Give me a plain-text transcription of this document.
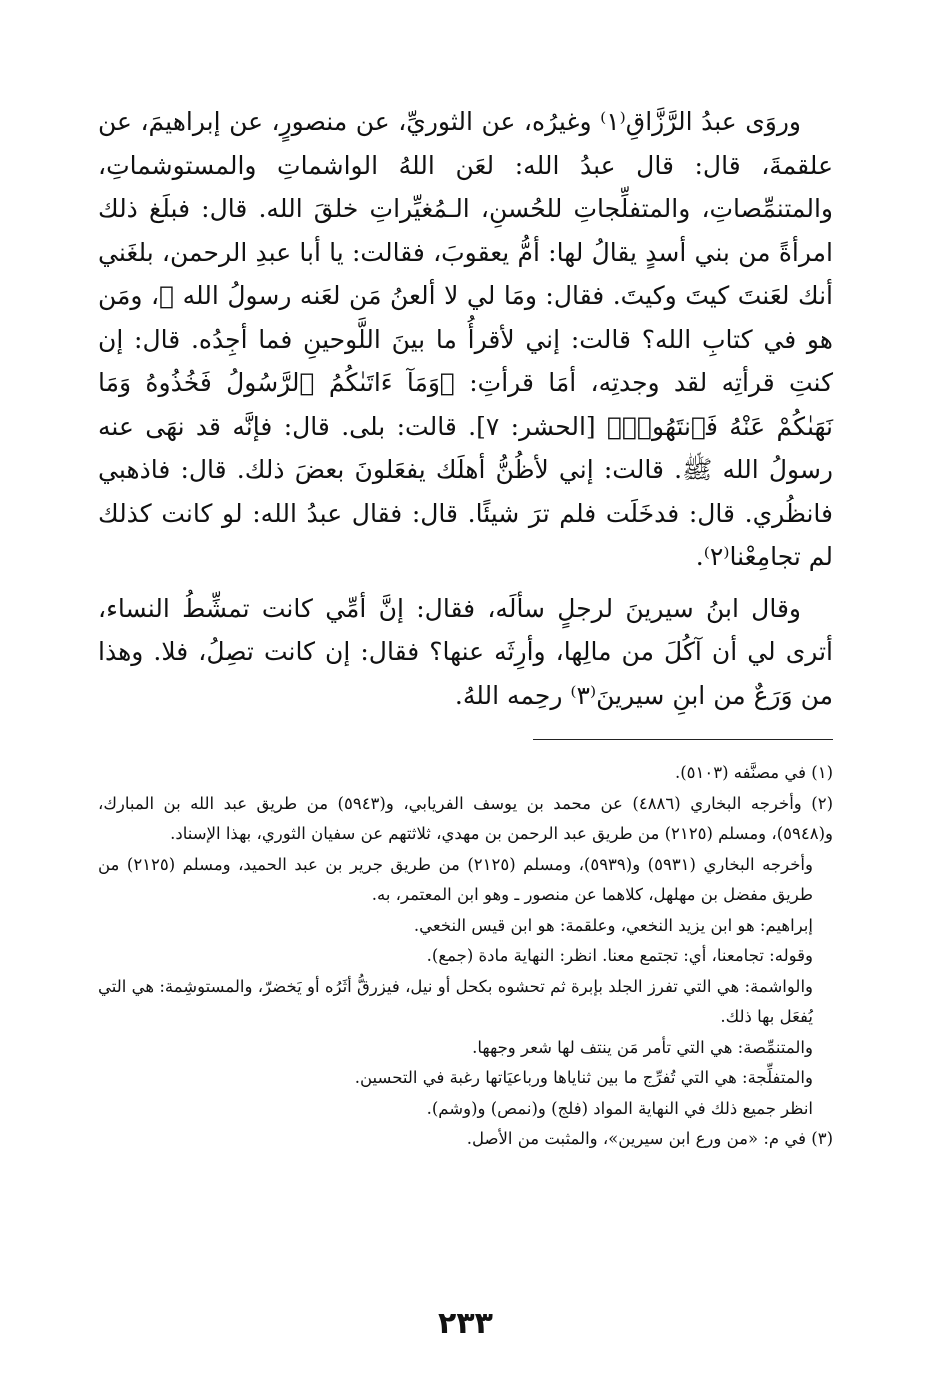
وروَى عبدُ الرَّزَّاقِ⁽١⁾ وغيرُه، عن الثوريِّ، عن منصورٍ، عن إبراهيمَ، عن علقمةَ، قال: قال عبدُ الله: لعَن اللهُ الواشماتِ والمستوشماتِ، والمتنمِّصاتِ، والمتفلِّجاتِ للحُسنِ، الـمُغيِّراتِ خلقَ الله. قال: فبلَغ ذلك امرأةً من بني أسدٍ يقالُ لها: أمُّ يعقوبَ، فقالت: يا أبا عبدِ الرحمن، بلغَني أنك لعَنتَ كيتَ وكيتَ. فقال: ومَا لي لا ألعنُ مَن لعَنه رسولُ الله ﷺ، ومَن هو في كتابِ الله؟ قالت: إني لأقرأُ ما بينَ اللَّوحينِ فما أجِدُه. قال: إن كنتِ قرأتِه لقد وجدتِه، أمَا قرأتِ: ﴿وَمَآ ءَاتَىٰكُمُ ٱلرَّسُولُ فَخُذُوهُ وَمَا نَهَىٰكُمْ عَنْهُ فَٱنتَهُوا۟﴾ [الحشر: ٧]. قالت: بلى. قال: فإنَّه قد نهَى عنه رسولُ الله ﷺ. قالت: إني لأظُنُّ أهلَك يفعَلونَ بعضَ ذلك. قال: فاذهبي فانظُري. قال: فدخَلَت فلم ترَ شيئًا. قال: فقال عبدُ الله: لو كانت كذلك لم تجامِعْنا⁽٢⁾.

وقال ابنُ سيرينَ لرجلٍ سألَه، فقال: إنَّ أمِّي كانت تمشِّطُ النساء، أترى لي أن آكُلَ من مالِها، وأرِثَه عنها؟ فقال: إن كانت تصِلُ، فلا. وهذا من وَرَعٌ من ابنِ سيرينَ⁽٣⁾ رحِمه اللهُ.

(١) في مصنَّفه (٥١٠٣).

(٢) وأخرجه البخاري (٤٨٨٦) عن محمد بن يوسف الفريابي، و(٥٩٤٣) من طريق عبد الله بن المبارك، و(٥٩٤٨)، ومسلم (٢١٢٥) من طريق عبد الرحمن بن مهدي، ثلاثتهم عن سفيان الثوري، بهذا الإسناد.

وأخرجه البخاري (٥٩٣١) و(٥٩٣٩)، ومسلم (٢١٢٥) من طريق جرير بن عبد الحميد، ومسلم (٢١٢٥) من طريق مفضل بن مهلهل، كلاهما عن منصور ـ وهو ابن المعتمر، به.

إبراهيم: هو ابن يزيد النخعي، وعلقمة: هو ابن قيس النخعي.

وقوله: تجامعنا، أي: تجتمع معنا. انظر: النهاية مادة (جمع).

والواشمة: هي التي تفرز الجلد بإبرة ثم تحشوه بكحل أو نيل، فيزرقُّ أثَرُه أو يَخضرّ، والمستوشِمة: هي التي يُفعَل بها ذلك.

والمتنمِّصة: هي التي تأمر مَن ينتف لها شعر وجهها.

والمتفلِّجة: هي التي تُفرِّج ما بين ثناياها ورباعيَاتها رغبة في التحسين.

انظر جميع ذلك في النهاية المواد (فلج) و(نمص) و(وشم).

(٣) في م: «من ورع ابن سيرين»، والمثبت من الأصل.

٢٣٣
